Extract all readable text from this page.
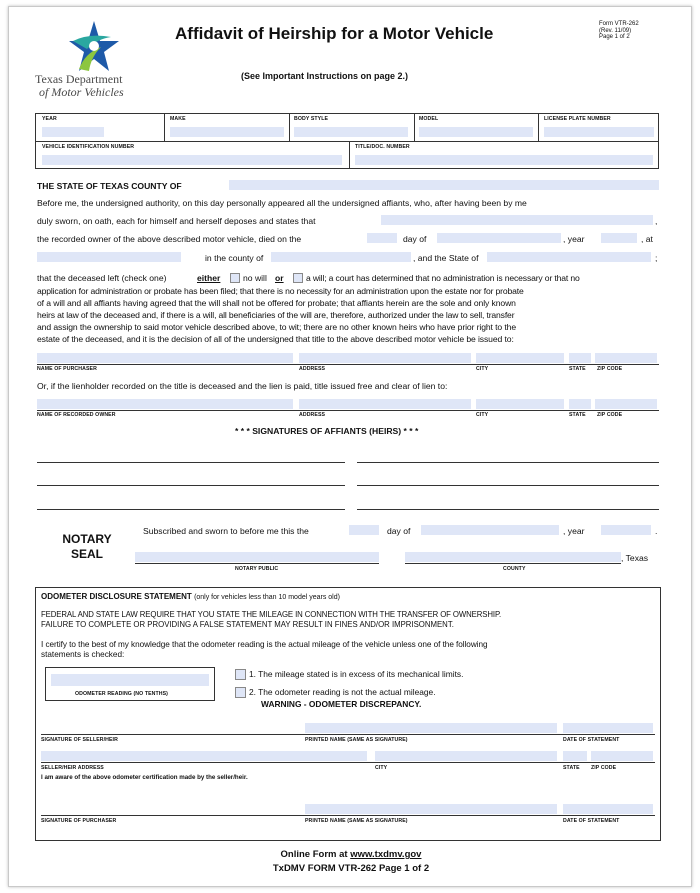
Texas Department
of Motor Vehicles
Affidavit of Heirship for a Motor Vehicle
(See Important Instructions on page 2.)
Form VTR-262
(Rev. 11/09)
Page 1 of 2
YEAR	MAKE	BODY STYLE	MODEL	LICENSE PLATE NUMBER
VEHICLE IDENTIFICATION NUMBER	TITLE/DOC. NUMBER
THE STATE OF TEXAS COUNTY OF
Before me, the undersigned authority, on this day personally appeared all the undersigned affiants, who, after having been by me
duly sworn, on oath, each for himself and herself deposes and states that	,
the recorded owner of the above described motor vehicle, died on the	day of	, year	, at
in the county of	, and the State of	;
that the deceased left (check one)	either	no will or	a will; a court has determined that no administration is necessary or that no
application for administration or probate has been filed; that there is no necessity for an administration upon the estate nor for probate
of a will and all affiants having agreed that the will shall not be offered for probate; that affiants herein are the sole and only known
heirs at law of the deceased and, if there is a will, all beneficiaries of the will are, therefore, authorized under the law to sell, transfer
and assign the ownership to said motor vehicle described above, to wit; there are no other known heirs who have prior right to the
estate of the deceased, and it is the decision of all of the undersigned that title to the above described motor vehicle be issued to:
NAME OF PURCHASER	ADDRESS	CITY	STATE ZIP CODE
Or, if the lienholder recorded on the title is deceased and the lien is paid, title issued free and clear of lien to:
NAME OF RECORDED OWNER	ADDRESS	CITY	STATE ZIP CODE
* * * SIGNATURES OF AFFIANTS (HEIRS) * * *
NOTARY
SEAL
Subscribed and sworn to before me this the	day of	, year	.
, Texas
NOTARY PUBLIC	COUNTY
ODOMETER DISCLOSURE STATEMENT (only for vehicles less than 10 model years old)
FEDERAL AND STATE LAW REQUIRE THAT YOU STATE THE MILEAGE IN CONNECTION WITH THE TRANSFER OF OWNERSHIP.
FAILURE TO COMPLETE OR PROVIDING A FALSE STATEMENT MAY RESULT IN FINES AND/OR IMPRISONMENT.
I certify to the best of my knowledge that the odometer reading is the actual mileage of the vehicle unless one of the following
statements is checked:
ODOMETER READING (NO TENTHS)
1. The mileage stated is in excess of its mechanical limits.
2. The odometer reading is not the actual mileage.
WARNING - ODOMETER DISCREPANCY.
SIGNATURE OF SELLER/HEIR	PRINTED NAME (SAME AS SIGNATURE)	DATE OF STATEMENT
SELLER/HEIR ADDRESS	CITY	STATE ZIP CODE
I am aware of the above odometer certification made by the seller/heir.
SIGNATURE OF PURCHASER	PRINTED NAME (SAME AS SIGNATURE)	DATE OF STATEMENT
Online Form at www.txdmv.gov
TxDMV FORM VTR-262 Page 1 of 2
